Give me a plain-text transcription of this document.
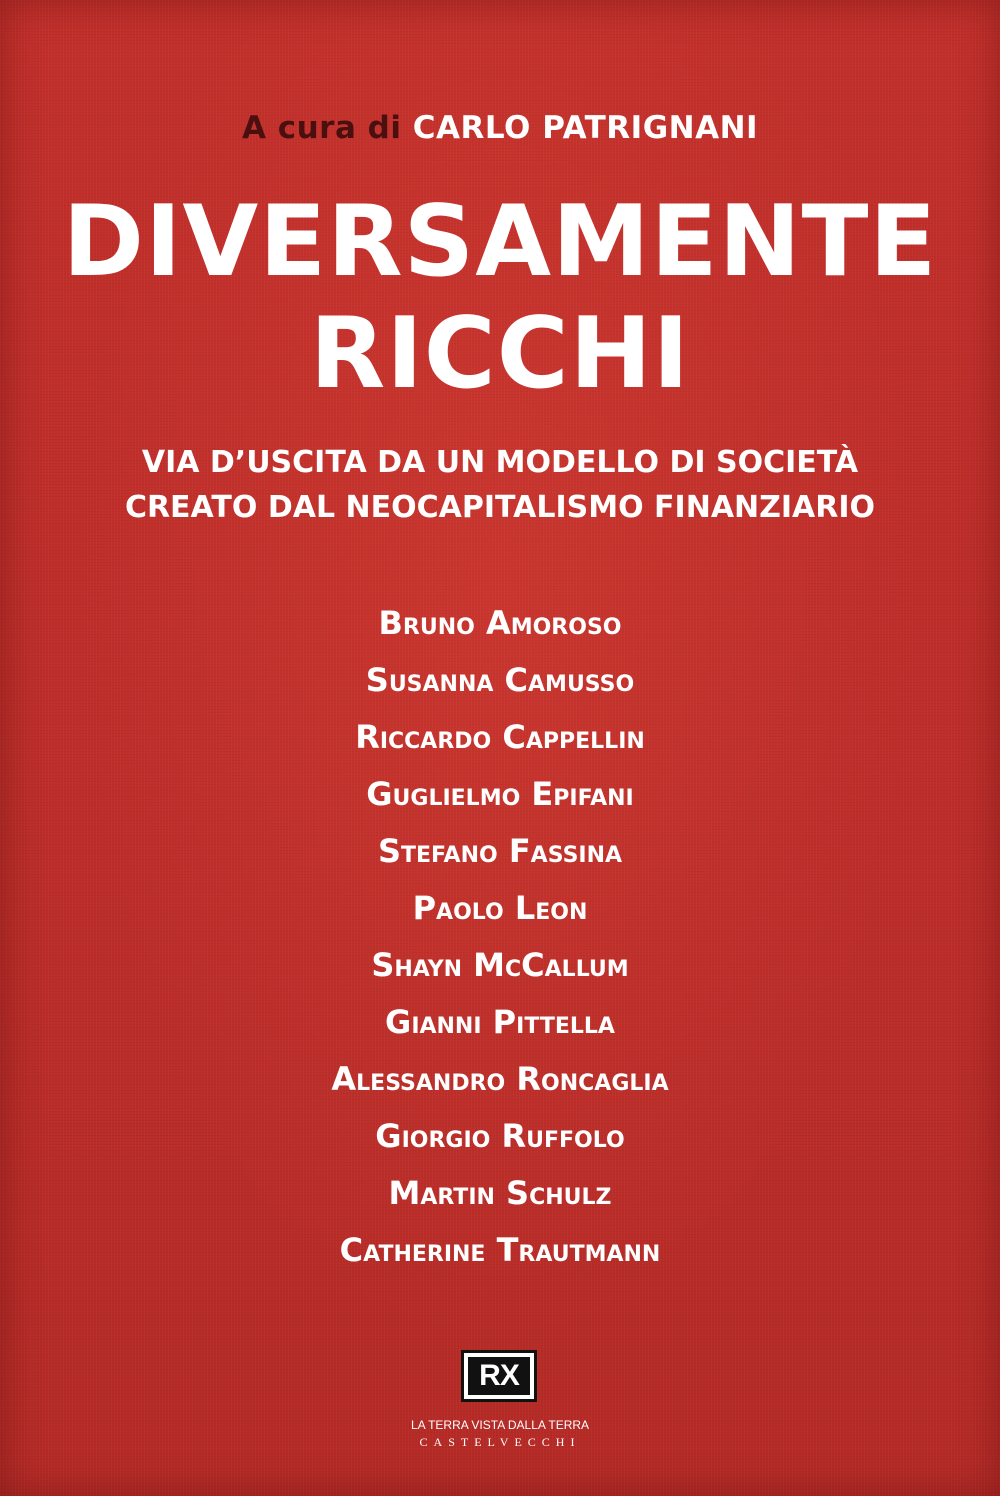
A cura di CARLO PATRIGNANI
DIVERSAMENTE
RICCHI
VIA D’USCITA DA UN MODELLO DI SOCIETÀ
CREATO DAL NEOCAPITALISMO FINANZIARIO
Bruno Amoroso
Susanna Camusso
Riccardo Cappellin
Guglielmo Epifani
Stefano Fassina
Paolo Leon
Shayn McCallum
Gianni Pittella
Alessandro Roncaglia
Giorgio Ruffolo
Martin Schulz
Catherine Trautmann
RX
LA TERRA VISTA DALLA TERRA
CASTELVECCHI
